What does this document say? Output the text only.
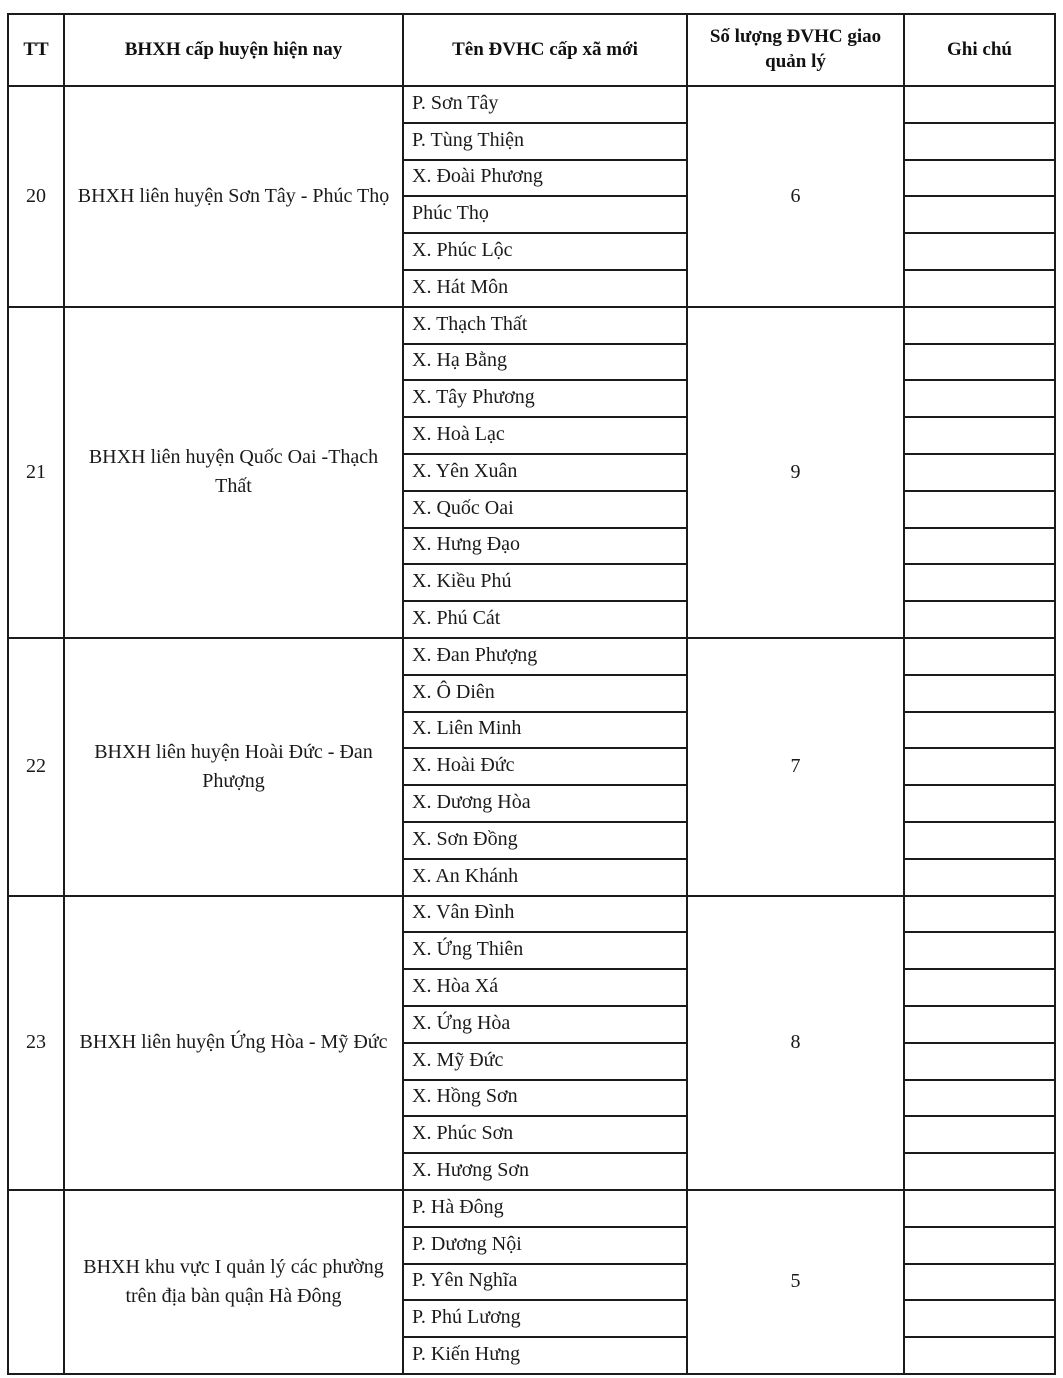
TT	BHXH cấp huyện hiện nay	Tên ĐVHC cấp xã mới	Số lượng ĐVHC giao quản lý	Ghi chú
20	BHXH liên huyện Sơn Tây - Phúc Thọ	P. Sơn Tây	6	
		P. Tùng Thiện		
		X. Đoài Phương		
		Phúc Thọ		
		X. Phúc Lộc		
		X. Hát Môn		
21	BHXH liên huyện Quốc Oai -Thạch Thất	X. Thạch Thất	9	
		X. Hạ Bằng		
		X. Tây Phương		
		X. Hoà Lạc		
		X. Yên Xuân		
		X. Quốc Oai		
		X. Hưng Đạo		
		X. Kiều Phú		
		X. Phú Cát		
22	BHXH liên huyện Hoài Đức - Đan Phượng	X. Đan Phượng	7	
		X. Ô Diên		
		X. Liên Minh		
		X. Hoài Đức		
		X. Dương Hòa		
		X. Sơn Đồng		
		X. An Khánh		
23	BHXH liên huyện Ứng Hòa - Mỹ Đức	X. Vân Đình	8	
		X. Ứng Thiên		
		X. Hòa Xá		
		X. Ứng Hòa		
		X. Mỹ Đức		
		X. Hồng Sơn		
		X. Phúc Sơn		
		X. Hương Sơn		
	BHXH khu vực I quản lý các phường trên địa bàn quận Hà Đông	P. Hà Đông	5	
		P. Dương Nội		
		P. Yên Nghĩa		
		P. Phú Lương		
		P. Kiến Hưng		
